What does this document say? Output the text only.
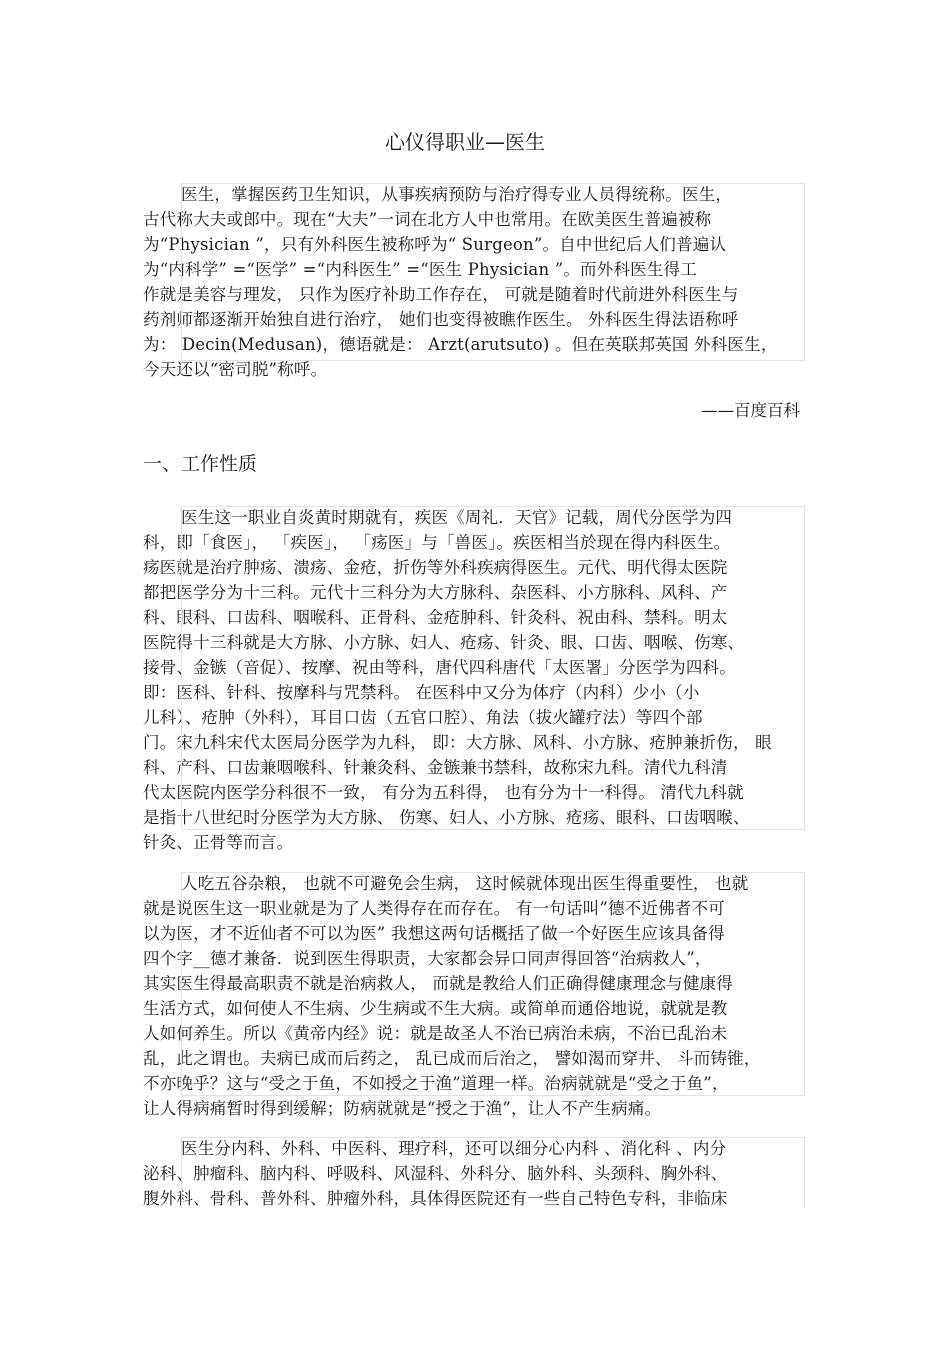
心仪得职业—医生
医生，掌握医药卫生知识，从事疾病预防与治疗得专业人员得统称。医生，
古代称大夫或郎中。现在“大夫”一词在北方人中也常用。在欧美医生普遍被称
为“Physician ”，只有外科医生被称呼为“ Surgeon”。自中世纪后人们普遍认
为“内科学” =“医学” =“内科医生” =“医生 Physician ”。而外科医生得工
作就是美容与理发， 只作为医疗补助工作存在， 可就是随着时代前进外科医生与
药剂师都逐渐开始独自进行治疗， 她们也变得被瞧作医生。 外科医生得法语称呼
为： Decin(Medusan)，德语就是： Arzt(arutsuto) 。但在英联邦英国 外科医生，
今天还以“密司脱”称呼。
——百度百科
一、工作性质
医生这一职业自炎黄时期就有，疾医《周礼．天官》记载，周代分医学为四
科，即「食医」， 「疾医」， 「疡医」与「兽医」。疾医相当於现在得内科医生。
疡医就是治疗肿疡、溃疡、金疮，折伤等外科疾病得医生。元代、明代得太医院
都把医学分为十三科。元代十三科分为大方脉科、杂医科、小方脉科、风科、产
科、眼科、口齿科、咽喉科、正骨科、金疮肿科、针灸科、祝由科、禁科。明太
医院得十三科就是大方脉、小方脉、妇人、疮疡、针灸、眼、口齿、咽喉、伤寒、
接骨、金镞（音促）、按摩、祝由等科，唐代四科唐代「太医署」分医学为四科。
即：医科、针科、按摩科与咒禁科。 在医科中又分为体疗（内科）少小（小
儿科）、疮肿（外科），耳目口齿（五官口腔）、角法（拔火罐疗法）等四个部
门。宋九科宋代太医局分医学为九科， 即：大方脉、风科、小方脉、疮肿兼折伤， 眼
科、产科、口齿兼咽喉科、针兼灸科、金镞兼书禁科，故称宋九科。清代九科清
代太医院内医学分科很不一致， 有分为五科得， 也有分为十一科得。 清代九科就
是指十八世纪时分医学为大方脉、 伤寒、妇人、小方脉、疮疡、眼科、口齿咽喉、
针灸、正骨等而言。
人吃五谷杂粮， 也就不可避免会生病， 这时候就体现出医生得重要性， 也就
就是说医生这一职业就是为了人类得存在而存在。 有一句话叫”德不近佛者不可
以为医，才不近仙者不可以为医” 我想这两句话概括了做一个好医生应该具备得
四个字__德才兼备．说到医生得职责，大家都会异口同声得回答“治病救人”，
其实医生得最高职责不就是治病救人， 而就是教给人们正确得健康理念与健康得
生活方式，如何使人不生病、少生病或不生大病。或简单而通俗地说，就就是教
人如何养生。所以《黄帝内经》说：就是故圣人不治已病治未病，不治已乱治未
乱，此之谓也。夫病已成而后药之， 乱已成而后治之， 譬如渴而穿井、 斗而铸锥，
不亦晚乎？这与“受之于鱼，不如授之于渔”道理一样。治病就就是“受之于鱼”，
让人得病痛暂时得到缓解；防病就就是“授之于渔”，让人不产生病痛。
医生分内科、外科、中医科、理疗科，还可以细分心内科 、消化科 、内分
泌科、肿瘤科、脑内科、呼吸科、风湿科、外科分、脑外科、头颈科、胸外科、
腹外科、骨科、普外科、肿瘤外科，具体得医院还有一些自己特色专科，非临床
